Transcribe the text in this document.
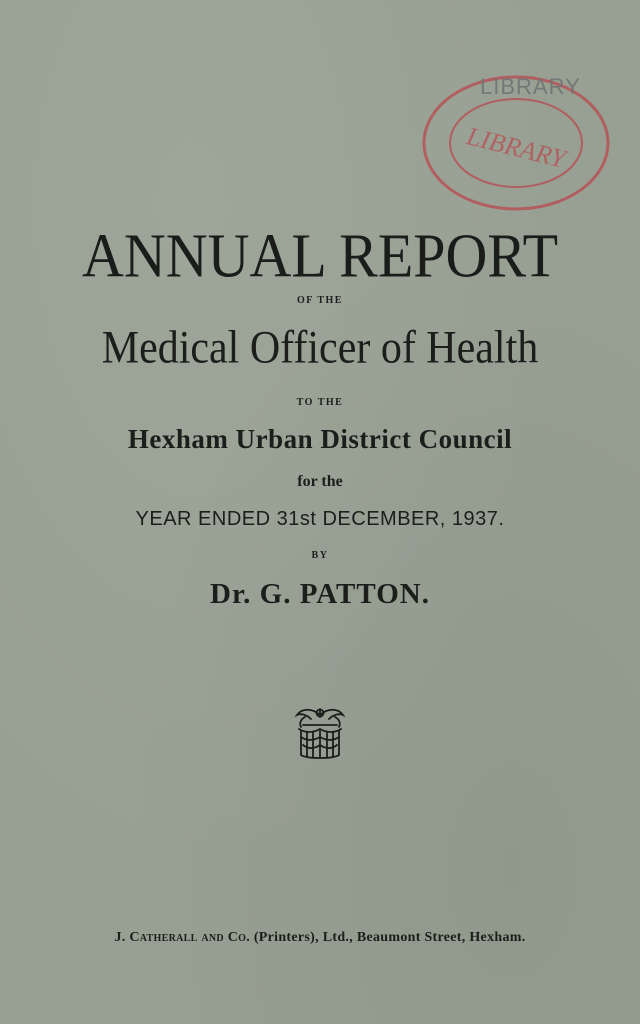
LIBRARY
LIBRARY
ANNUAL REPORT
OF THE
Medical Officer of Health
TO THE
Hexham Urban District Council
for the
YEAR ENDED 31st DECEMBER, 1937.
BY
Dr. G. PATTON.
J. Catherall and Co. (Printers), Ltd., Beaumont Street, Hexham.
